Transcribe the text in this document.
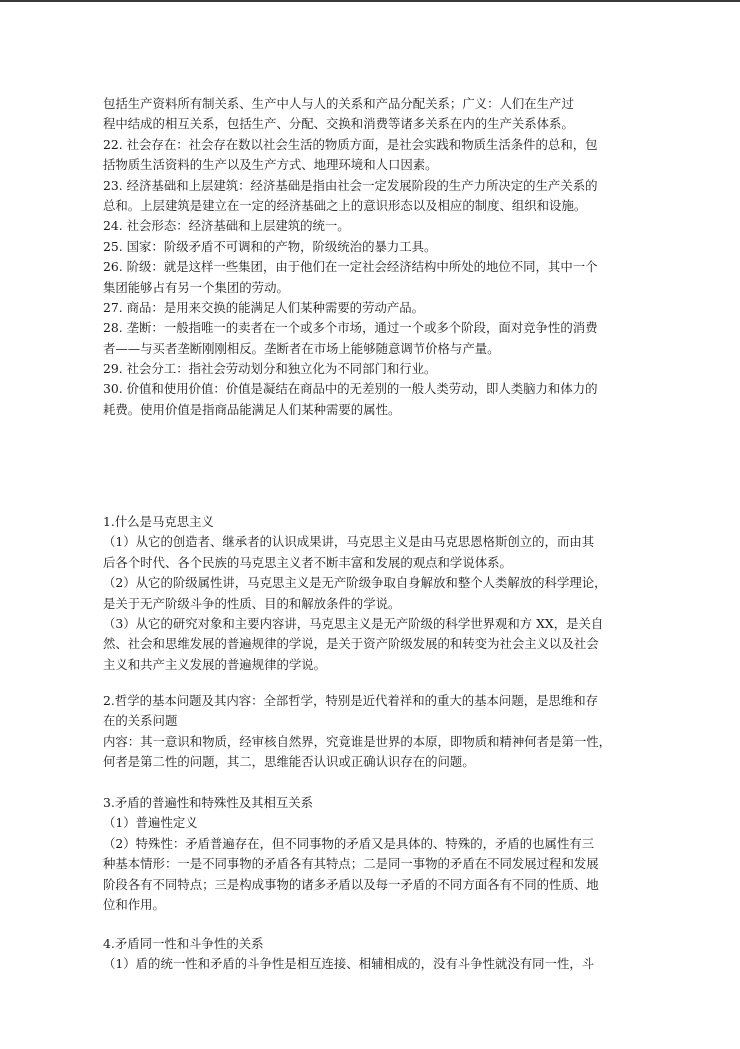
包括生产资料所有制关系、生产中人与人的关系和产品分配关系；广义：人们在生产过
程中结成的相互关系，包括生产、分配、交换和消费等诸多关系在内的生产关系体系。
22. 社会存在：社会存在数以社会生活的物质方面，是社会实践和物质生活条件的总和，包
括物质生活资料的生产以及生产方式、地理环境和人口因素。
23. 经济基础和上层建筑：经济基础是指由社会一定发展阶段的生产力所决定的生产关系的
总和。上层建筑是建立在一定的经济基础之上的意识形态以及相应的制度、组织和设施。
24. 社会形态：经济基础和上层建筑的统一。
25. 国家：阶级矛盾不可调和的产物，阶级统治的暴力工具。
26. 阶级：就是这样一些集团，由于他们在一定社会经济结构中所处的地位不同，其中一个
集团能够占有另一个集团的劳动。
27. 商品：是用来交换的能满足人们某种需要的劳动产品。
28. 垄断：一般指唯一的卖者在一个或多个市场，通过一个或多个阶段，面对竞争性的消费
者——与买者垄断刚刚相反。垄断者在市场上能够随意调节价格与产量。
29. 社会分工：指社会劳动划分和独立化为不同部门和行业。
30. 价值和使用价值：价值是凝结在商品中的无差别的一般人类劳动，即人类脑力和体力的
耗费。使用价值是指商品能满足人们某种需要的属性。
1.什么是马克思主义
（1）从它的创造者、继承者的认识成果讲，马克思主义是由马克思恩格斯创立的，而由其
后各个时代、各个民族的马克思主义者不断丰富和发展的观点和学说体系。
（2）从它的阶级属性讲，马克思主义是无产阶级争取自身解放和整个人类解放的科学理论，
是关于无产阶级斗争的性质、目的和解放条件的学说。
（3）从它的研究对象和主要内容讲，马克思主义是无产阶级的科学世界观和方 XX，是关自
然、社会和思维发展的普遍规律的学说，是关于资产阶级发展的和转变为社会主义以及社会
主义和共产主义发展的普遍规律的学说。
2.哲学的基本问题及其内容：全部哲学，特别是近代着祥和的重大的基本问题，是思维和存
在的关系问题
内容：其一意识和物质，经审核自然界，究竟谁是世界的本原，即物质和精神何者是第一性，
何者是第二性的问题，其二，思维能否认识或正确认识存在的问题。
3.矛盾的普遍性和特殊性及其相互关系
（1）普遍性定义
（2）特殊性：矛盾普遍存在，但不同事物的矛盾又是具体的、特殊的，矛盾的也属性有三
种基本情形：一是不同事物的矛盾各有其特点；二是同一事物的矛盾在不同发展过程和发展
阶段各有不同特点；三是构成事物的诸多矛盾以及每一矛盾的不同方面各有不同的性质、地
位和作用。
4.矛盾同一性和斗争性的关系
（1）盾的统一性和矛盾的斗争性是相互连接、相辅相成的，没有斗争性就没有同一性，斗
